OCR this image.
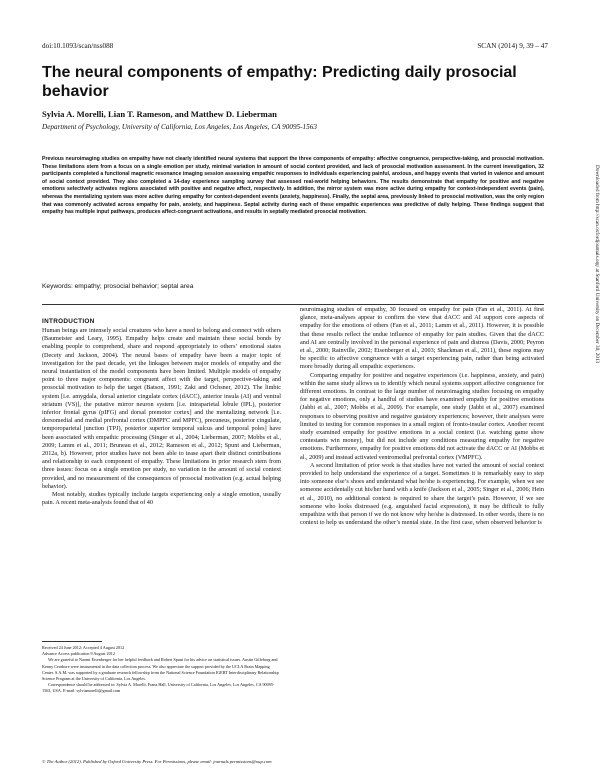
doi:10.1093/scan/nss088	SCAN (2014) 9, 39 – 47
The neural components of empathy: Predicting daily prosocial behavior
Sylvia A. Morelli, Lian T. Rameson, and Matthew D. Lieberman
Department of Psychology, University of California, Los Angeles, Los Angeles, CA 90095-1563
Previous neuroimaging studies on empathy have not clearly identified neural systems that support the three components of empathy: affective congruence, perspective-taking, and prosocial motivation. These limitations stem from a focus on a single emotion per study, minimal variation in amount of social context provided, and lack of prosocial motivation assessment. In the current investigation, 32 participants completed a functional magnetic resonance imaging session assessing empathic responses to individuals experiencing painful, anxious, and happy events that varied in valence and amount of social context provided. They also completed a 14-day experience sampling survey that assessed real-world helping behaviors. The results demonstrate that empathy for positive and negative emotions selectively activates regions associated with positive and negative affect, respectively. In addition, the mirror system was more active during empathy for context-independent events (pain), whereas the mentalizing system was more active during empathy for context-dependent events (anxiety, happiness). Finally, the septal area, previously linked to prosocial motivation, was the only region that was commonly activated across empathy for pain, anxiety, and happiness. Septal activity during each of these empathic experiences was predictive of daily helping. These findings suggest that empathy has multiple input pathways, produces affect-congruent activations, and results in septally mediated prosocial motivation.
Keywords: empathy; prosocial behavior; septal area
INTRODUCTION

Human beings are intensely social creatures who have a need to belong and connect with others (Baumeister and Leary, 1995). Empathy helps create and maintain these social bonds by enabling people to comprehend, share and respond appropriately to others’ emotional states (Decety and Jackson, 2004). The neural bases of empathy have been a major topic of investigation for the past decade, yet the linkages between major models of empathy and the neural instantiation of the model components have been limited. Multiple models of empathy point to three major components: congruent affect with the target, perspective-taking and prosocial motivation to help the target (Batson, 1991; Zaki and Ochsner, 2012). The limbic system [i.e. amygdala, dorsal anterior cingulate cortex (dACC), anterior insula (AI) and ventral striatum (VS)], the putative mirror neuron system [i.e. intraparietal lobule (IPL), posterior inferior frontal gyrus (pIFG) and dorsal premotor cortex] and the mentalizing network [i.e. dorsomedial and medial prefrontal cortex (DMPFC and MPFC), precuneus, posterior cingulate, temporoparietal junction (TPJ), posterior superior temporal sulcus and temporal poles] have been associated with empathic processing (Singer et al., 2004; Lieberman, 2007; Mobbs et al., 2009; Lamm et al., 2011; Bruneau et al., 2012; Rameson et al., 2012; Spunt and Lieberman, 2012a, b). However, prior studies have not been able to tease apart their distinct contributions and relationship to each component of empathy. These limitations in prior research stem from three issues: focus on a single emotion per study, no variation in the amount of social context provided, and no measurement of the consequences of prosocial motivation (e.g. actual helping behavior).

Most notably, studies typically include targets experiencing only a single emotion, usually pain. A recent meta-analysis found that of 40

Received 24 June 2012; Accepted 4 August 2012

Advance Access publication 9 August 2012

We are grateful to Naomi Eisenberger for her helpful feedback and Robert Spunt for his advice on statistical issues. Austin Gilfeborg and Kenny Cearbore were instrumental in the data collection process. We also appreciate the support provided by the UCLA Brain Mapping Center. S.A.M. was supported by a graduate research fellowship from the National Science Foundation IGERT Interdisciplinary Relationship Science Program at the University of California, Los Angeles.

Correspondence should be addressed to: Sylvia A. Morelli, Franz Hall, University of California, Los Angeles, Los Angeles, CA 90095-1563, USA. E-mail: sylviamorelli@gmail.com

neuroimaging studies of empathy, 30 focused on empathy for pain (Fan et al., 2011). At first glance, meta-analyses appear to confirm the view that dACC and AI support core aspects of empathy for the emotions of others (Fan et al., 2011; Lamm et al., 2011). However, it is possible that these results reflect the undue influence of empathy for pain studies. Given that the dACC and AI are centrally involved in the personal experience of pain and distress (Davis, 2000; Peyron et al., 2000; Rainville, 2002; Eisenberger et al., 2003; Shackman et al., 2011), these regions may be specific to affective congruence with a target experiencing pain, rather than being activated more broadly during all empathic experiences.

Comparing empathy for positive and negative experiences (i.e. happiness, anxiety, and pain) within the same study allows us to identify which neural systems support affective congruence for different emotions. In contrast to the large number of neuroimaging studies focusing on empathy for negative emotions, only a handful of studies have examined empathy for positive emotions (Jabbi et al., 2007; Mobbs et al., 2009). For example, one study (Jabbi et al., 2007) examined responses to observing positive and negative gustatory experiences; however, their analyses were limited to testing for common responses in a small region of fronto-insular cortex. Another recent study examined empathy for positive emotions in a social context (i.e. watching game show contestants win money), but did not include any conditions measuring empathy for negative emotions. Furthermore, empathy for positive emotions did not activate the dACC or AI (Mobbs et al., 2009) and instead activated ventromedial prefrontal cortex (VMPFC).

A second limitation of prior work is that studies have not varied the amount of social context provided to help understand the experience of a target. Sometimes it is remarkably easy to step into someone else’s shoes and understand what he/she is experiencing. For example, when we see someone accidentally cut his/her hand with a knife (Jackson et al., 2005; Singer et al., 2006; Hein et al., 2010), no additional context is required to share the target’s pain. However, if we see someone who looks distressed (e.g. anguished facial expression), it may be difficult to fully empathize with that person if we do not know why he/she is distressed. In other words, there is no context to help us understand the other’s mental state. In the first case, when observed behavior is

© The Author (2012). Published by Oxford University Press. For Permissions, please email: journals.permissions@oup.com
Downloaded from http://scan.oxfordjournals.org/ at Stanford University on December 30, 2013
